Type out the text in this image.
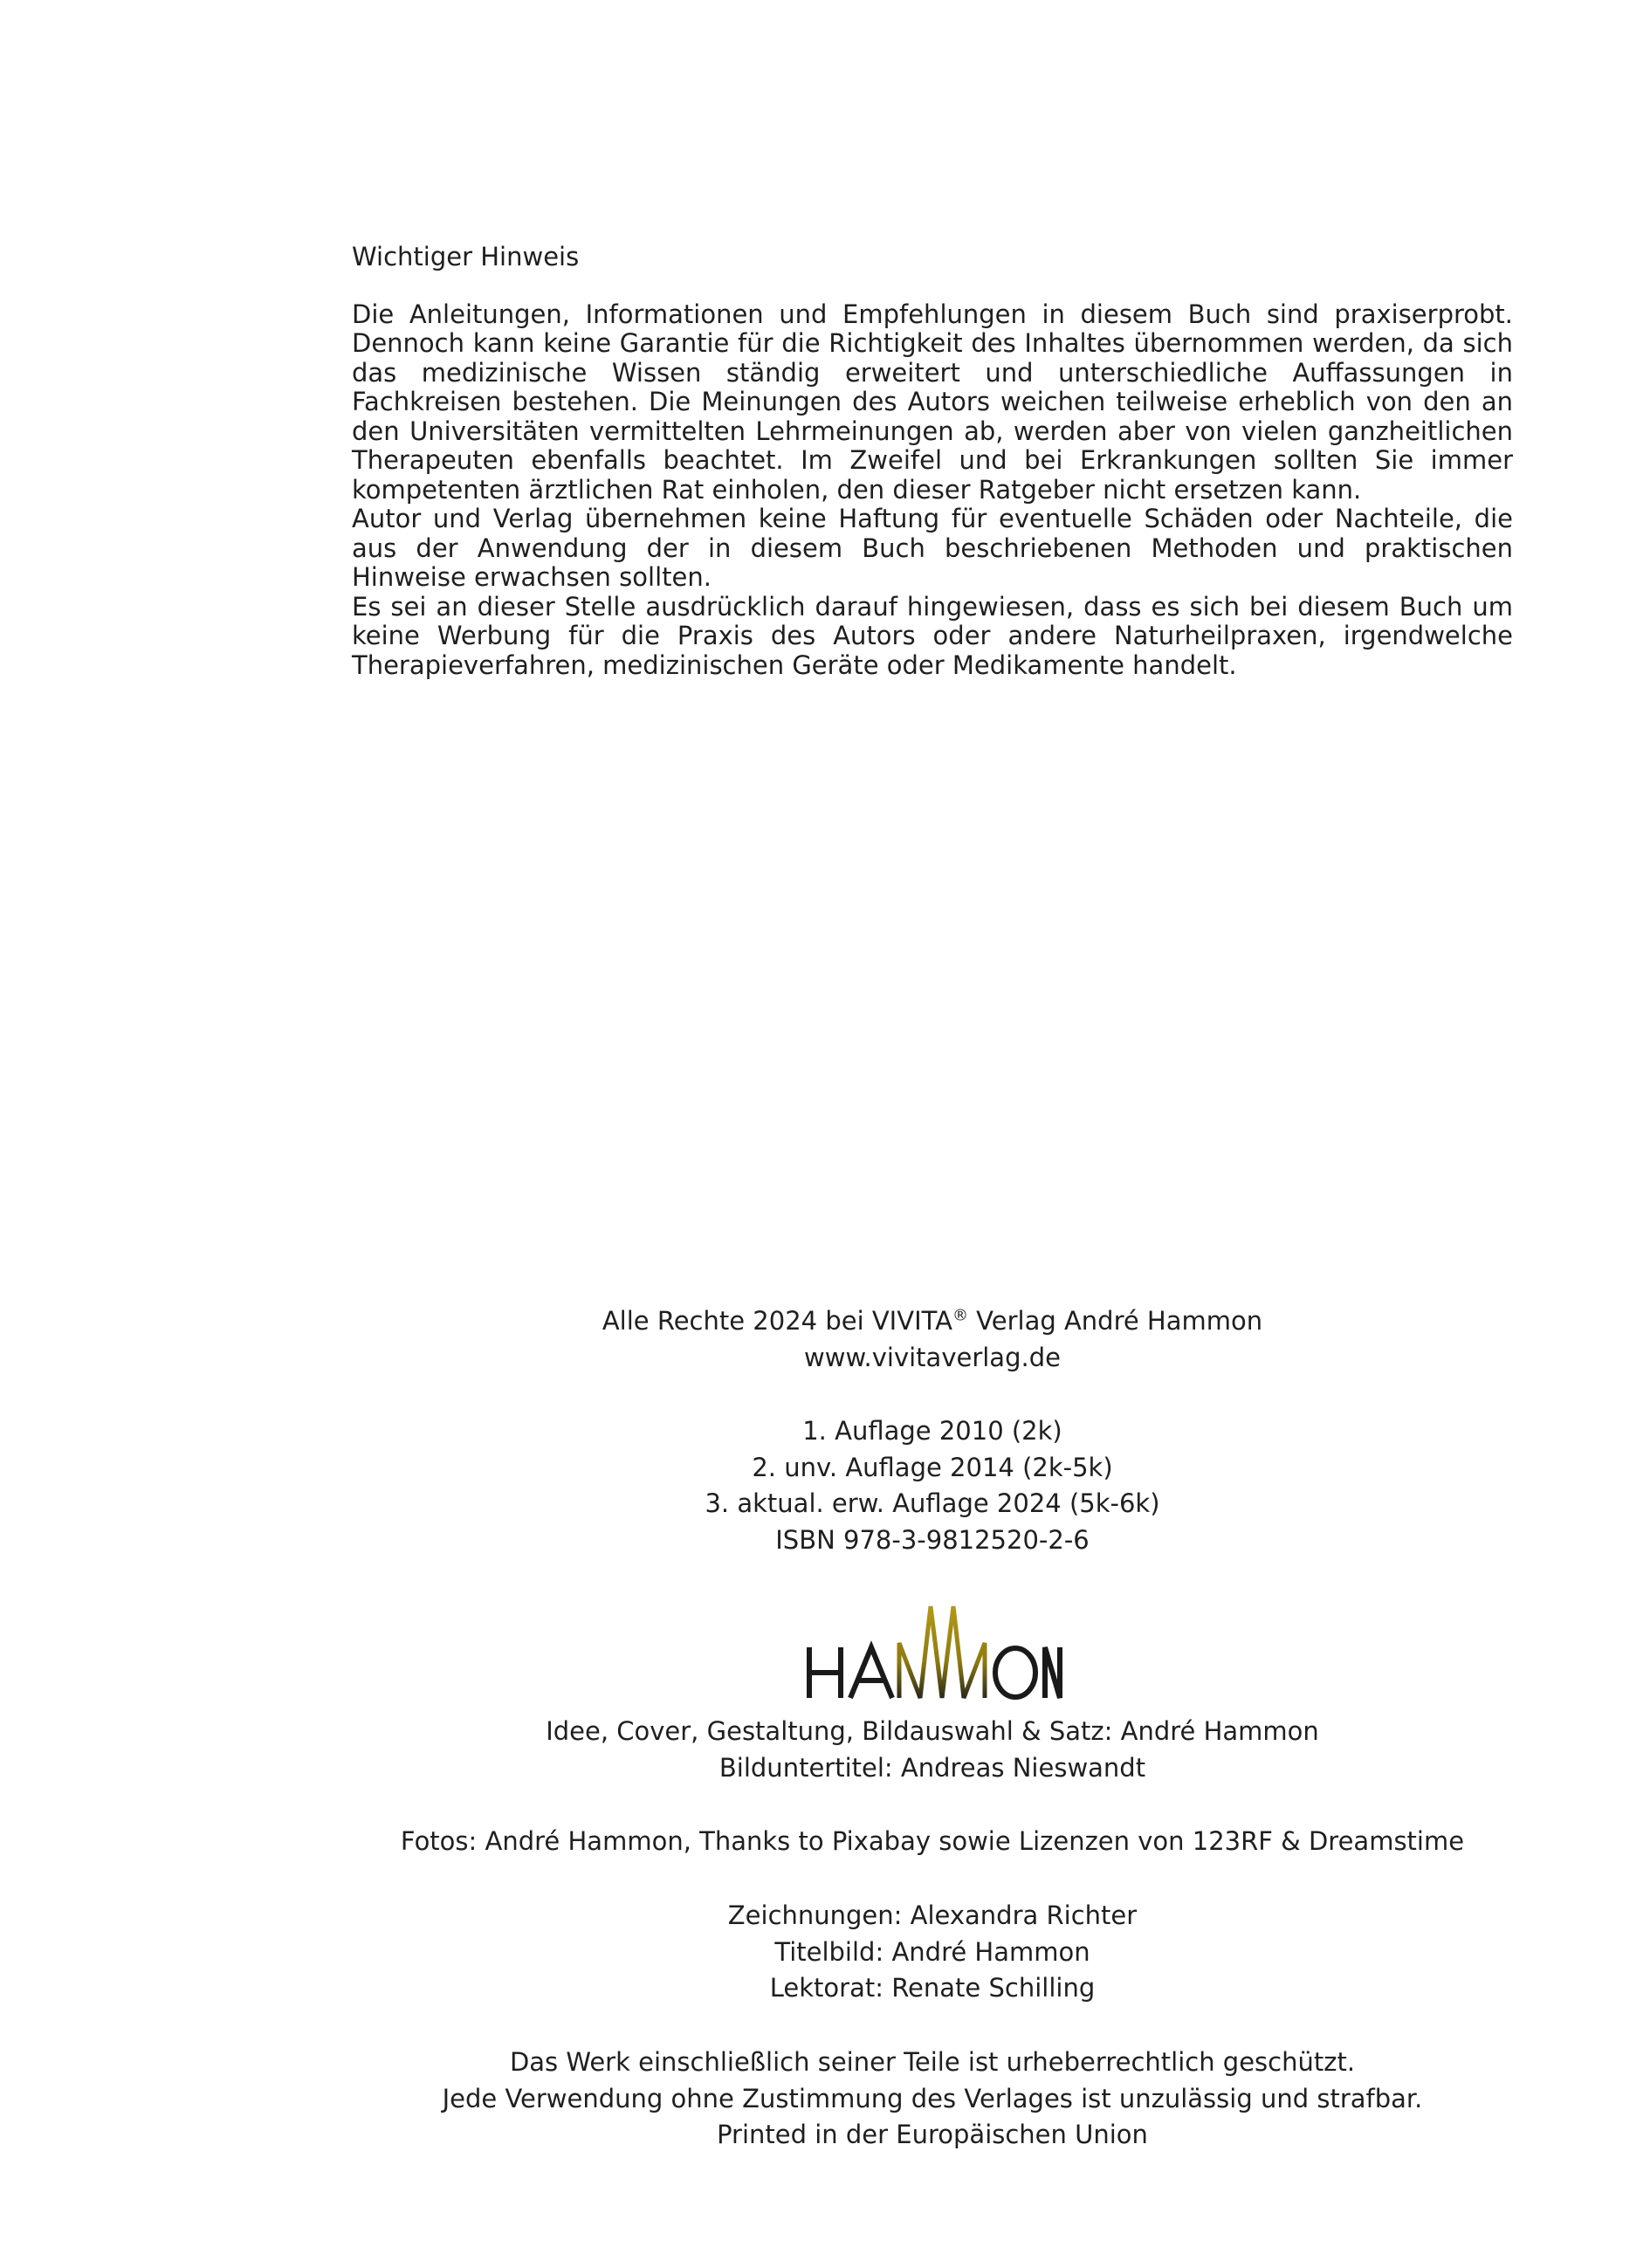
Wichtiger Hinweis

Die Anleitungen, Informationen und Empfehlungen in diesem Buch sind praxiserprobt. Dennoch kann keine Garantie für die Richtigkeit des Inhaltes übernommen werden, da sich das medizinische Wissen ständig erweitert und unterschiedliche Auffassungen in Fachkreisen bestehen. Die Meinungen des Autors weichen teilweise erheblich von den an den Universitäten vermittelten Lehrmeinungen ab, werden aber von vielen ganzheitlichen Therapeuten ebenfalls beachtet. Im Zweifel und bei Erkrankungen sollten Sie immer kompetenten ärztlichen Rat einholen, den dieser Ratgeber nicht ersetzen kann.

Autor und Verlag übernehmen keine Haftung für eventuelle Schäden oder Nachteile, die aus der Anwendung der in diesem Buch beschriebenen Methoden und praktischen Hinweise erwachsen sollten.

Es sei an dieser Stelle ausdrücklich darauf hingewiesen, dass es sich bei diesem Buch um keine Werbung für die Praxis des Autors oder andere Naturheilpraxen, irgendwelche Therapieverfahren, medizinischen Geräte oder Medikamente handelt.

Alle Rechte 2024 bei VIVITA® Verlag André Hammon

www.vivitaverlag.de

1. Auflage 2010 (2k)

2. unv. Auflage 2014 (2k-5k)

3. aktual. erw. Auflage 2024 (5k-6k)

ISBN 978-3-9812520-2-6

Idee, Cover, Gestaltung, Bildauswahl & Satz: André Hammon

Bilduntertitel: Andreas Nieswandt

Fotos: André Hammon, Thanks to Pixabay sowie Lizenzen von 123RF & Dreamstime

Zeichnungen: Alexandra Richter

Titelbild: André Hammon

Lektorat: Renate Schilling

Das Werk einschließlich seiner Teile ist urheberrechtlich geschützt.

Jede Verwendung ohne Zustimmung des Verlages ist unzulässig und strafbar.

Printed in der Europäischen Union
